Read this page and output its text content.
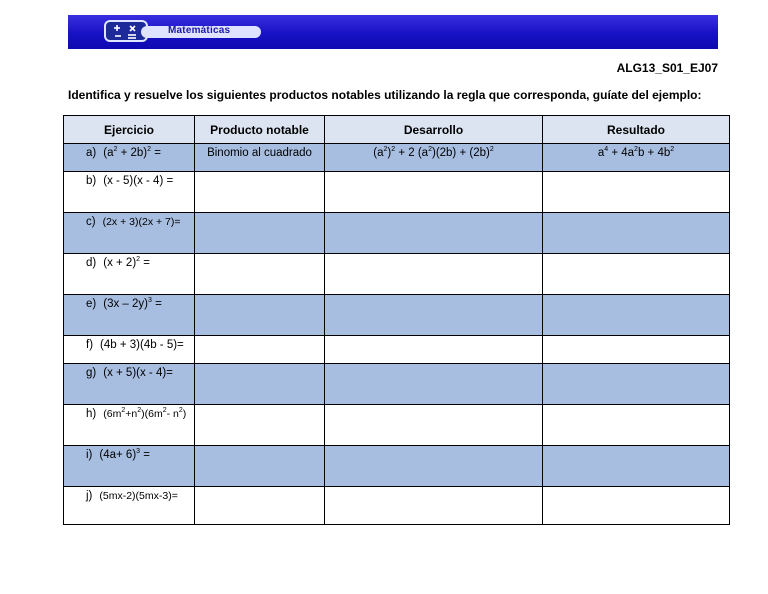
Matemáticas
ALG13_S01_EJ07
Identifica y resuelve los siguientes productos notables utilizando la regla que corresponda, guíate del ejemplo:
Ejercicio	Producto notable	Desarrollo	Resultado
a) $(a^2 + 2b)^2$ =	Binomio al cuadrado	$(a^2)^2 + 2$ $(a^2)(2b) + (2b)^2$	$a^4 + 4a^2b + 4b^2$
b) (x - 5)(x - 4) =			
c) (2x + 3)(2x + 7)=			
d) $(x + 2)^2$ =			
e) (3x – 2y)$^3$ =			
f) (4b + 3)(4b - 5)=			
g) (x + 5)(x - 4)=			
h) $(6m^2+n^2)(6m^2-$ $n^2$)			
i) $(4a+ 6)^3$ =			
j) (5mx-2)(5mx-3)=			
